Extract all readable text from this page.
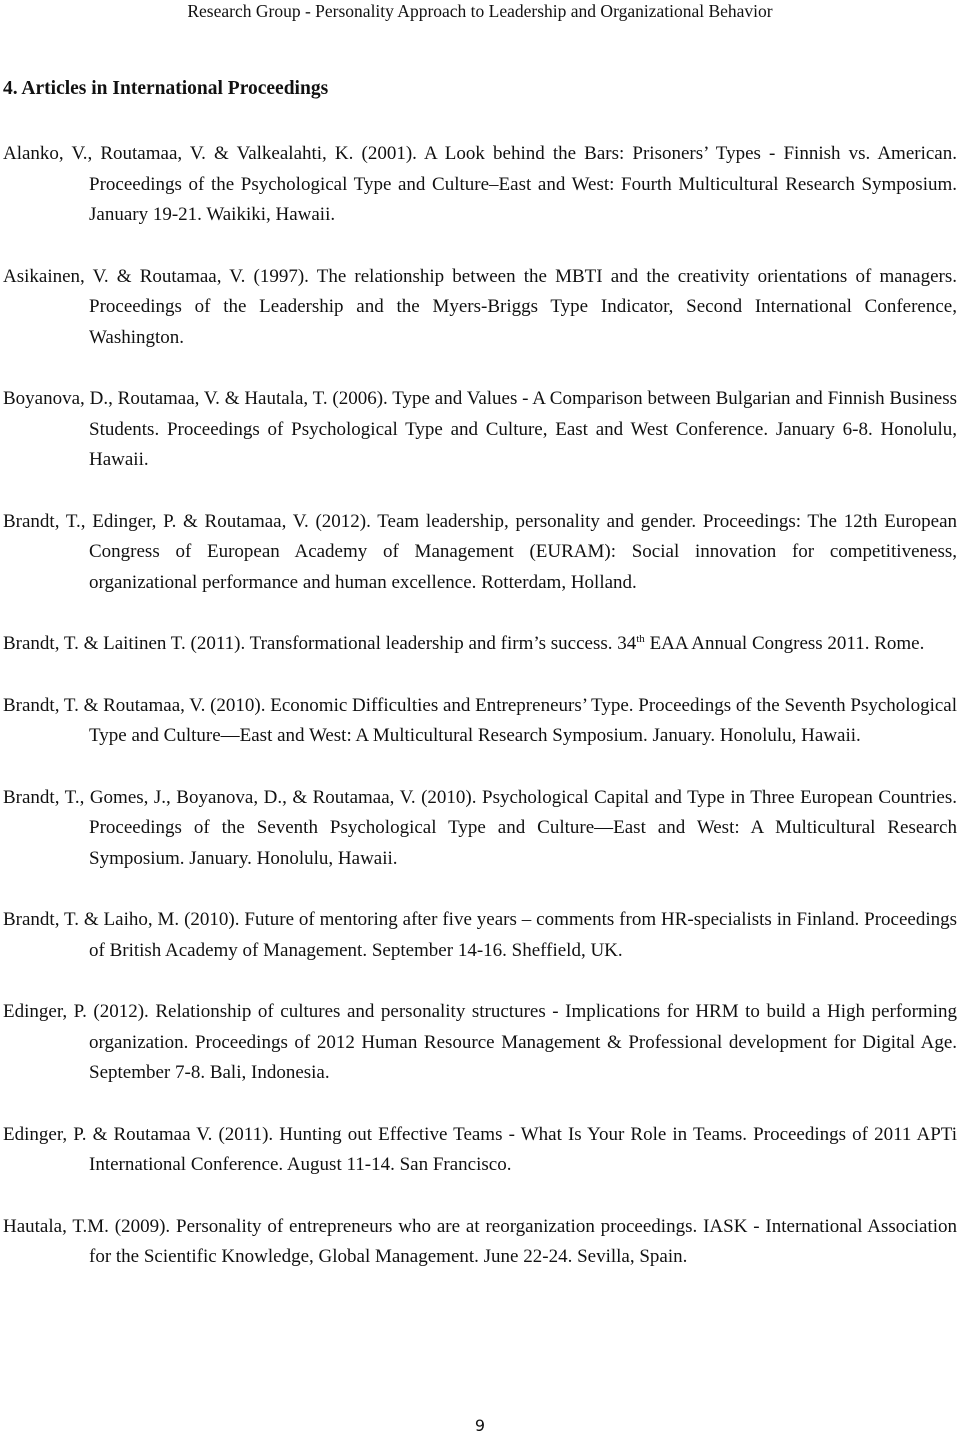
Research Group - Personality Approach to Leadership and Organizational Behavior
4. Articles in International Proceedings

Alanko, V., Routamaa, V. & Valkealahti, K. (2001). A Look behind the Bars: Prisoners’ Types - Finnish vs. American. Proceedings of the Psychological Type and Culture–East and West: Fourth Multicultural Research Symposium. January 19-21. Waikiki, Hawaii.

Asikainen, V. & Routamaa, V. (1997). The relationship between the MBTI and the creativity orientations of managers. Proceedings of the Leadership and the Myers-Briggs Type Indicator, Second International Conference, Washington.

Boyanova, D., Routamaa, V. & Hautala, T. (2006). Type and Values - A Comparison between Bulgarian and Finnish Business Students. Proceedings of Psychological Type and Culture, East and West Conference. January 6-8. Honolulu, Hawaii.

Brandt, T., Edinger, P. & Routamaa, V. (2012). Team leadership, personality and gender. Proceedings: The 12th European Congress of European Academy of Management (EURAM): Social innovation for competitiveness, organizational performance and human excellence. Rotterdam, Holland.

Brandt, T. & Laitinen T. (2011). Transformational leadership and firm’s success. 34th EAA Annual Congress 2011. Rome.

Brandt, T. & Routamaa, V. (2010). Economic Difficulties and Entrepreneurs’ Type. Proceedings of the Seventh Psychological Type and Culture—East and West: A Multicultural Research Symposium. January. Honolulu, Hawaii.

Brandt, T., Gomes, J., Boyanova, D., & Routamaa, V. (2010). Psychological Capital and Type in Three European Countries. Proceedings of the Seventh Psychological Type and Culture—East and West: A Multicultural Research Symposium. January. Honolulu, Hawaii.

Brandt, T. & Laiho, M. (2010). Future of mentoring after five years – comments from HR-specialists in Finland. Proceedings of British Academy of Management. September 14-16. Sheffield, UK.

Edinger, P. (2012). Relationship of cultures and personality structures - Implications for HRM to build a High performing organization. Proceedings of 2012 Human Resource Management & Professional development for Digital Age. September 7-8. Bali, Indonesia.

Edinger, P. & Routamaa V. (2011). Hunting out Effective Teams - What Is Your Role in Teams. Proceedings of 2011 APTi International Conference. August 11-14. San Francisco.

Hautala, T.M. (2009). Personality of entrepreneurs who are at reorganization proceedings. IASK - International Association for the Scientific Knowledge, Global Management. June 22-24. Sevilla, Spain.

9
